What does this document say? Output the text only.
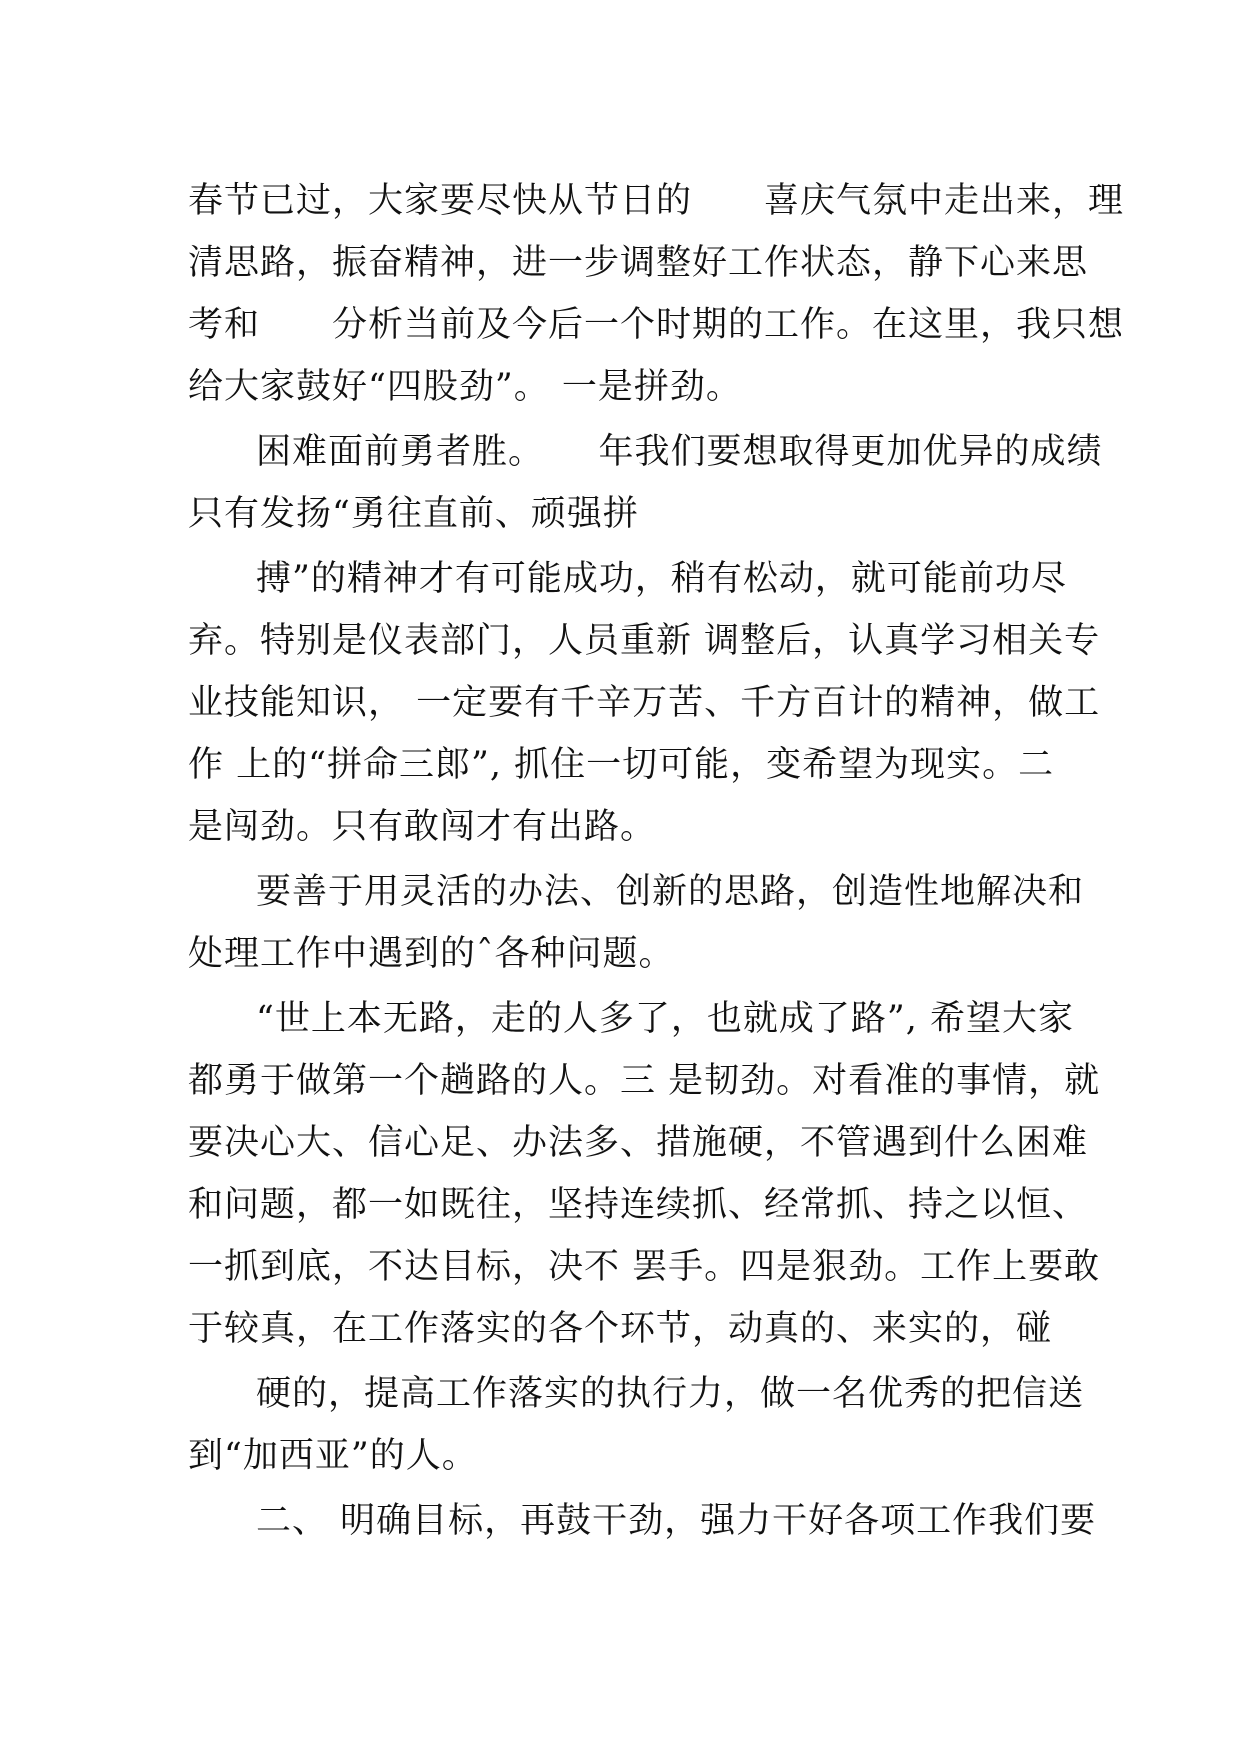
春节已过，大家要尽快从节日的　　喜庆气氛中走出来，理
清思路，振奋精神，进一步调整好工作状态，静下心来思
考和　　分析当前及今后一个时期的工作。在这里，我只想
给大家鼓好“四股劲”。 一是拼劲。
困难面前勇者胜。　　年我们要想取得更加优异的成绩
只有发扬“勇往直前、顽强拼
搏”的精神才有可能成功，稍有松动，就可能前功尽
弃。特别是仪表部门，人员重新 调整后，认真学习相关专
业技能知识， 一定要有千辛万苦、千方百计的精神，做工
作 上的“拼命三郎”, 抓住一切可能，变希望为现实。二
是闯劲。只有敢闯才有出路。
要善于用灵活的办法、创新的思路，创造性地解决和
处理工作中遇到的ˆ各种问题。
“世上本无路，走的人多了，也就成了路”, 希望大家
都勇于做第一个趟路的人。三 是韧劲。对看准的事情，就
要决心大、信心足、办法多、措施硬，不管遇到什么困难
和问题，都一如既往，坚持连续抓、经常抓、持之以恒、
一抓到底，不达目标，决不 罢手。四是狠劲。工作上要敢
于较真，在工作落实的各个环节，动真的、来实的，碰
硬的，提高工作落实的执行力，做一名优秀的把信送
到“加西亚”的人。
二、 明确目标，再鼓干劲，强力干好各项工作我们要
